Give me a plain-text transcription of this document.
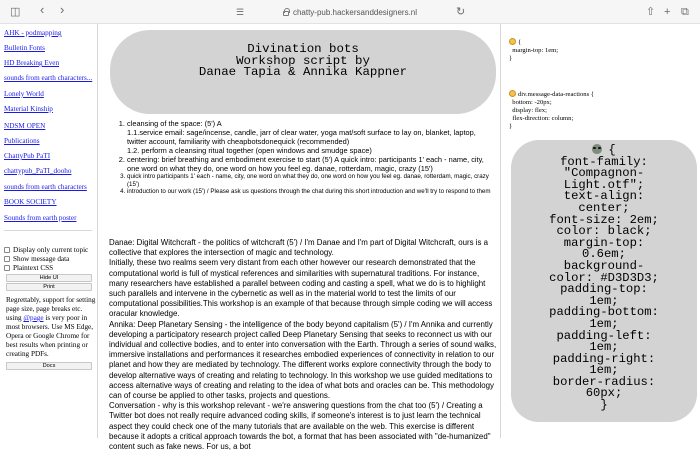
◫ ‹ ›	☰	chatty-pub.hackersanddesigners.nl	↻	⇧ + ⧉
AHK - podmapping
Bulletin Fonts
HD Breaking Even
sounds from earth characters...
Lonely World
Material Kinship
NDSM OPEN
Publications
ChattyPub PaTI
chattypub_PaTI_dooho
sounds from earth characters
BOOK SOCIETY
Sounds from earth poster
Display only current topic
Show message data
Plaintext CSS
Hide UI
Print
Regrettably, support for setting page size, page breaks etc. using @page is very poor in most browsers. Use MS Edge, Opera or Google Chrome for best results when printing or creating PDFs.
Docs
Divination bots
Workshop script by
Danae Tapia & Annika Kappner
1. cleansing of the space: (5') A
1.1.service email: sage/incense, candle, jarr of clear water, yoga mat/soft surface to lay on, blanket, laptop, twitter account, familiarity with cheapbotsdonequick (recommended)
1.2. perform a cleansing ritual together (open windows and smudge space)
2. centering: brief breathing and embodiment exercise to start (5') A quick intro: participants 1' each - name, city, one word on what they do, one word on how you feel eg. danae, rotterdam, magic, crazy (15')
3. quick intro participants 1' each - name, city, one word on what they do, one word on how you feel eg. danae, rotterdam, magic, crazy (15')
4. introduction to our work (15') / Please ask us questions through the chat during this short introduction and we'll try to respond to them

Danae: Digital Witchcraft - the politics of witchcraft (5') / I'm Danae and I'm part of Digital Witchcraft, ours is a collective that explores the intersection of magic and technology.

Initially, these two realms seem very distant from each other however our research demonstrated that the computational world is full of mystical references and similarities with supernatural traditions. For instance, many researchers have established a parallel between coding and casting a spell, what we do is to highlight such parallels and intervene in the cybernetic as well as in the material world to test the limits of our computational possibilities.This workshop is an example of that because through simple coding we will access oracular knowledge.

Annika: Deep Planetary Sensing - the intelligence of the body beyond capitalism (5') / I'm Annika and currently developing a participatory research project called Deep Planetary Sensing that seeks to reconnect us with our individual and collective bodies, and to enter into conversation with the Earth. Through a series of sound walks, immersive installations and performances it researches embodied experiences of connectivity in relation to our planet and how they are mediated by technology. The different works explore connectivity through the body to develop alternative ways of creating and relating to technology. In this workshop we use guided meditations to access alternative ways of creating and relating to the idea of what bots and oracles can be. This methodology can of course be applied to other tasks, projects and questions.

Conversation - why is this workshop relevant - we're answering questions from the chat too (5') / Creating a Twitter bot does not really require advanced coding skills, if someone's interest is to just learn the technical aspect they could check one of the many tutorials that are available on the web. This exercise is different because it adopts a critical approach towards the bot, a format that has been associated with "de-humanized" content such as fake news. For us, a bot

{
margin-top: 1em;
}
div.message-data-reactions {
bottom: -20px;
display: flex;
flex-direction: column;
}
{
font-family:
"Compagnon-
Light.otf";
text-align:
center;
font-size: 2em;
color: black;
margin-top:
0.6em;
background-
color: #D3D3D3;
padding-top:
1em;
padding-bottom:
1em;
padding-left:
1em;
padding-right:
1em;
border-radius:
60px;
}
